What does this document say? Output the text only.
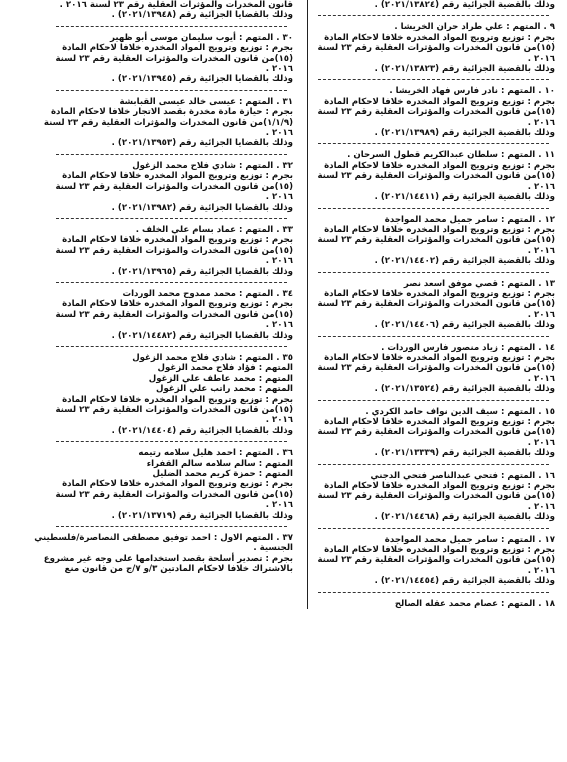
وذلك بالقضية الجزائية رقم (٢٠٢١/١٣٨٢٤) .
٩ . المتهم : علي طراد حران الخريشا .
بجرم : توزيع وترويج المواد المخدره خلافا لاحكام المادة
(١٥)من قانون المخدرات والمؤثرات العقلية رقم ٢٣ لسنة
٢٠١٦ .
وذلك بالقضية الجزائية رقم (٢٠٢١/١٣٨٢٣) .
١٠ . المتهم : نادر فارس فهاد الخريشا .
بجرم : توزيع وترويج المواد المخدره خلافا لاحكام المادة
(١٥)من قانون المخدرات والمؤثرات العقلية رقم ٢٣ لسنة
٢٠١٦ .
وذلك بالقضية الجزائية رقم (٢٠٢١/١٣٩٨٩) .
١١ . المتهم : سلطان عبدالكريم قطول السرحان .
بجرم : توزيع وترويج المواد المخدره خلافا لاحكام المادة
(١٥)من قانون المخدرات والمؤثرات العقلية رقم ٢٣ لسنة
٢٠١٦ .
وذلك بالقضية الجزائية رقم (٢٠٢١/١٤٤١١) .
١٢ . المتهم : سامر جميل محمد المواجدة
بجرم : توزيع وترويج المواد المخدره خلافا لاحكام المادة
(١٥)من قانون المخدرات والمؤثرات العقلية رقم ٢٣ لسنة
٢٠١٦ .
وذلك بالقضية الجزائية رقم (٢٠٢١/١٤٤٠٢) .
١٣ . المتهم : قصي موفق اسعد نصر
بجرم : توزيع وترويج المواد المخدره خلافا لاحكام المادة
(١٥)من قانون المخدرات والمؤثرات العقلية رقم ٢٣ لسنة
٢٠١٦ .
وذلك بالقضية الجزائية رقم (٢٠٢١/١٤٤٠٦) .
١٤ . المتهم : زياد منصور فارس الوردات .
بجرم : توزيع وترويج المواد المخدره خلافا لاحكام المادة
(١٥)من قانون المخدرات والمؤثرات العقلية رقم ٢٣ لسنة
٢٠١٦ .
وذلك بالقضية الجزائية رقم (٢٠٢١/١٣٥٢٤) .
١٥ . المتهم : سيف الدين نواف حامد الكردي .
بجرم : توزيع وترويج المواد المخدره خلافا لاحكام المادة
(١٥)من قانون المخدرات والمؤثرات العقلية رقم ٢٣ لسنة
٢٠١٦ .
وذلك بالقضية الجزائية رقم (٢٠٢١/١٣٣٣٩) .
١٦ . المتهم : فتحي عبدالناصر فتحي الدجني
بجرم : توزيع وترويج المواد المخدره خلافا لاحكام المادة
(١٥)من قانون المخدرات والمؤثرات العقلية رقم ٢٣ لسنة
٢٠١٦ .
وذلك بالقضية الجزائية رقم (٢٠٢١/١٤٤٦٨) .
١٧ . المتهم : سامر جميل محمد المواجدة
بجرم : توزيع وترويج المواد المخدره خلافا لاحكام المادة
(١٥)من قانون المخدرات والمؤثرات العقلية رقم ٢٣ لسنة
٢٠١٦ .
وذلك بالقضية الجزائية رقم (٢٠٢١/١٤٤٥٤) .
١٨ . المتهم : عصام محمد عقله الصالح
قانون المخدرات والمؤثرات العقلية رقم ٢٣ لسنة ٢٠١٦ .
وذلك بالقضايا الجزائية رقم (٢٠٢١/١٣٩٤٨) .
٣٠ . المتهم : أيوب سليمان موسى أبو ظهير
بجرم : توزيع وترويج المواد المخدره خلافا لاحكام المادة
(١٥)من قانون المخدرات والمؤثرات العقلية رقم ٢٣ لسنة
٢٠١٦ .
وذلك بالقضايا الجزائية رقم (٢٠٢١/١٣٩٤٥) .
٣١ . المتهم : عيسى خالد عيسى القبابشة
بجرم : حيازة مادة مخدرة بقصد الاتجار خلافا لاحكام المادة
(١/١/٩)من قانون المخدرات والمؤثرات العقلية رقم ٢٣ لسنة
٢٠١٦ .
وذلك بالقضايا الجزائية رقم (٢٠٢١/١٣٩٥٣) .
٣٢ . المتهم : شادي فلاح محمد الزغول
بجرم : توزيع وترويج المواد المخدره خلافا لاحكام المادة
(١٥)من قانون المخدرات والمؤثرات العقلية رقم ٢٣ لسنة
٢٠١٦ .
وذلك بالقضايا الجزائية رقم (٢٠٢١/١٣٩٨٢) .
٣٣ . المتهم : عماد بسام علي الخلف .
بجرم : توزيع وترويج المواد المخدره خلافا لاحكام المادة
(١٥)من قانون المخدرات والمؤثرات العقلية رقم ٢٣ لسنة
٢٠١٦ .
وذلك بالقضايا الجزائية رقم (٢٠٢١/١٣٩٦٥) .
٣٤ . المتهم : محمد ممدوح محمد الوردات
بجرم : توزيع وترويج المواد المخدره خلافا لاحكام المادة
(١٥)من قانون المخدرات والمؤثرات العقلية رقم ٢٣ لسنة
٢٠١٦ .
وذلك بالقضايا الجزائية رقم (٢٠٢١/١٤٤٨٢) .
٣٥ . المتهم : شادي فلاح محمد الزغول
المتهم : فؤاد فلاح محمد الزغول
المتهم : محمد عاطف علي الزغول
المتهم : محمد راتب علي الزغول
بجرم : توزيع وترويج المواد المخدره خلافا لاحكام المادة
(١٥)من قانون المخدرات والمؤثرات العقلية رقم ٢٣ لسنة
٢٠١٦ .
وذلك بالقضايا الجزائية رقم (٢٠٢١/١٤٤٠٤) .
٣٦ . المتهم : احمد هليل سلامه رتيمه
المتهم : سالم سلامه سالم القفراء
المتهم : حمزة كريم محمد الضليل
بجرم : توزيع وترويج المواد المخدره خلافا لاحكام المادة
(١٥)من قانون المخدرات والمؤثرات العقلية رقم ٢٣ لسنة
٢٠١٦ .
وذلك بالقضايا الجزائية رقم (٢٠٢١/١٣٧١٩) .
٣٧ . المتهم الاول : احمد توفيق مصطفى النصاصرة/فلسطيني
الجنسية .
بجرم : تصدير أسلحة بقصد استخدامها على وجه غير مشروع
بالاشتراك خلافا لاحكام المادتين ٣/و ٧/ج من قانون منع
